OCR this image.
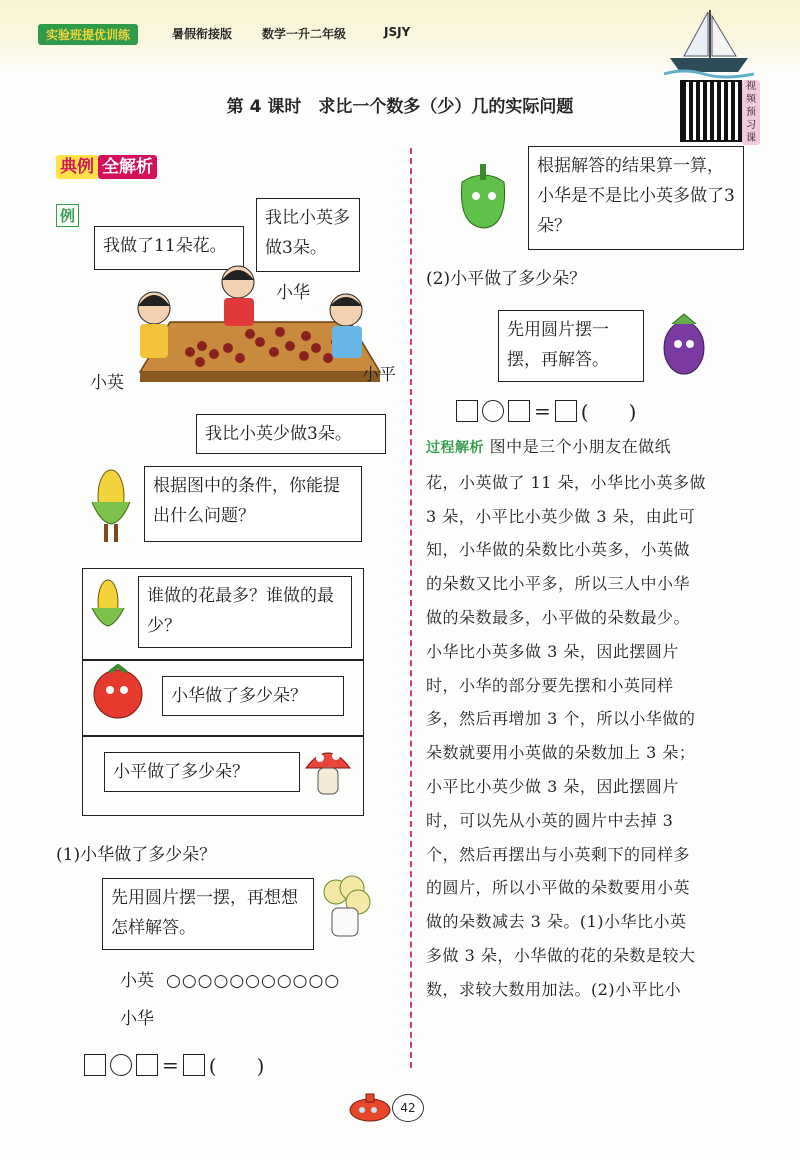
实验班提优训练	暑假衔接版 数学一升二年级	JSJY
第 4 课时　求比一个数多（少）几的实际问题
视频预习课
典例 全解析
例
我做了11朵花。
我比小英多做3朵。
小华
小英	小平
我比小英少做3朵。
根据图中的条件，你能提出什么问题？
谁做的花最多？谁做的最少？
小华做了多少朵？
小平做了多少朵？
(1)小华做了多少朵？
先用圆片摆一摆，再想想怎样解答。
小英 ○○○○○○○○○○○
小华
= (　　)
根据解答的结果算一算，小华是不是比小英多做了3朵？
(2)小平做了多少朵？
先用圆片摆一摆，再解答。
= (　　)
过程解析 图中是三个小朋友在做纸
花，小英做了 11 朵，小华比小英多做
3 朵，小平比小英少做 3 朵，由此可
知，小华做的朵数比小英多，小英做
的朵数又比小平多，所以三人中小华
做的朵数最多，小平做的朵数最少。
小华比小英多做 3 朵，因此摆圆片
时，小华的部分要先摆和小英同样
多，然后再增加 3 个，所以小华做的
朵数就要用小英做的朵数加上 3 朵；
小平比小英少做 3 朵，因此摆圆片
时，可以先从小英的圆片中去掉 3
个，然后再摆出与小英剩下的同样多
的圆片，所以小平做的朵数要用小英
做的朵数减去 3 朵。(1)小华比小英
多做 3 朵，小华做的花的朵数是较大
数，求较大数用加法。(2)小平比小
42
